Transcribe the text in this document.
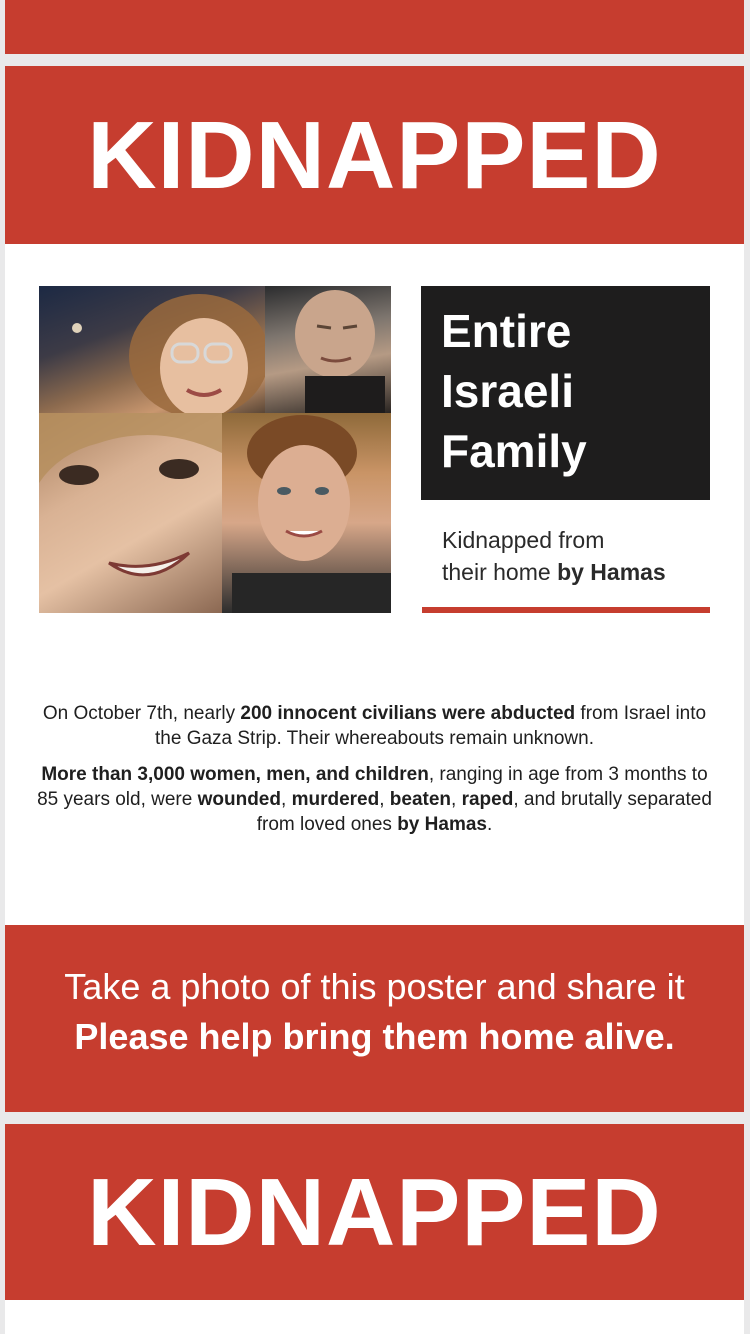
KIDNAPPED
Entire
Israeli
Family
Kidnapped from
their home by Hamas

On October 7th, nearly 200 innocent civilians were abducted from Israel into the Gaza Strip. Their whereabouts remain unknown.

More than 3,000 women, men, and children, ranging in age from 3 months to 85 years old, were wounded, murdered, beaten, raped, and brutally separated from loved ones by Hamas.

Take a photo of this poster and share it
Please help bring them home alive.
KIDNAPPED
